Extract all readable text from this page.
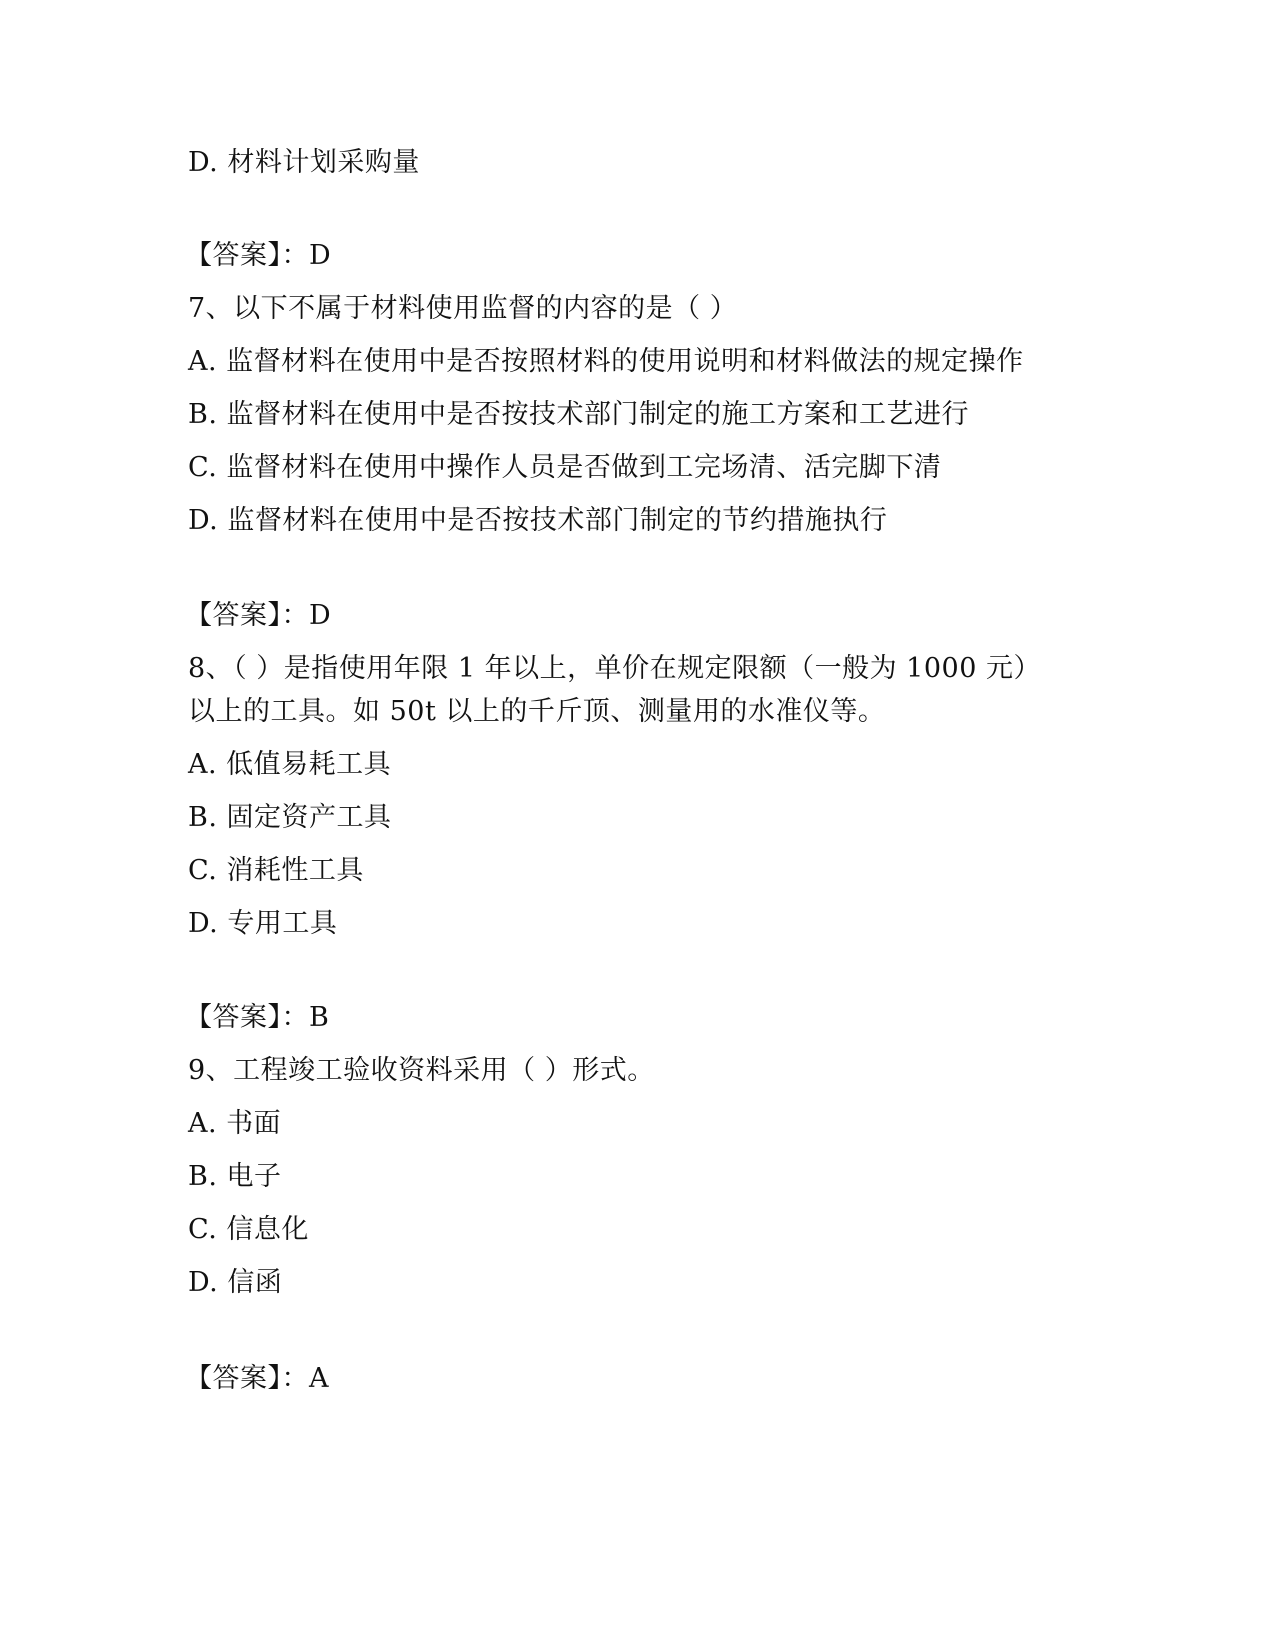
D. 材料计划采购量
【答案】：D
7、以下不属于材料使用监督的内容的是（ ）
A. 监督材料在使用中是否按照材料的使用说明和材料做法的规定操作
B. 监督材料在使用中是否按技术部门制定的施工方案和工艺进行
C. 监督材料在使用中操作人员是否做到工完场清、活完脚下清
D. 监督材料在使用中是否按技术部门制定的节约措施执行
【答案】：D
8、（ ）是指使用年限 1 年以上，单价在规定限额（一般为 1000 元）
以上的工具。如 50t 以上的千斤顶、测量用的水准仪等。
A. 低值易耗工具
B. 固定资产工具
C. 消耗性工具
D. 专用工具
【答案】：B
9、工程竣工验收资料采用（ ）形式。
A. 书面
B. 电子
C. 信息化
D. 信函
【答案】：A
